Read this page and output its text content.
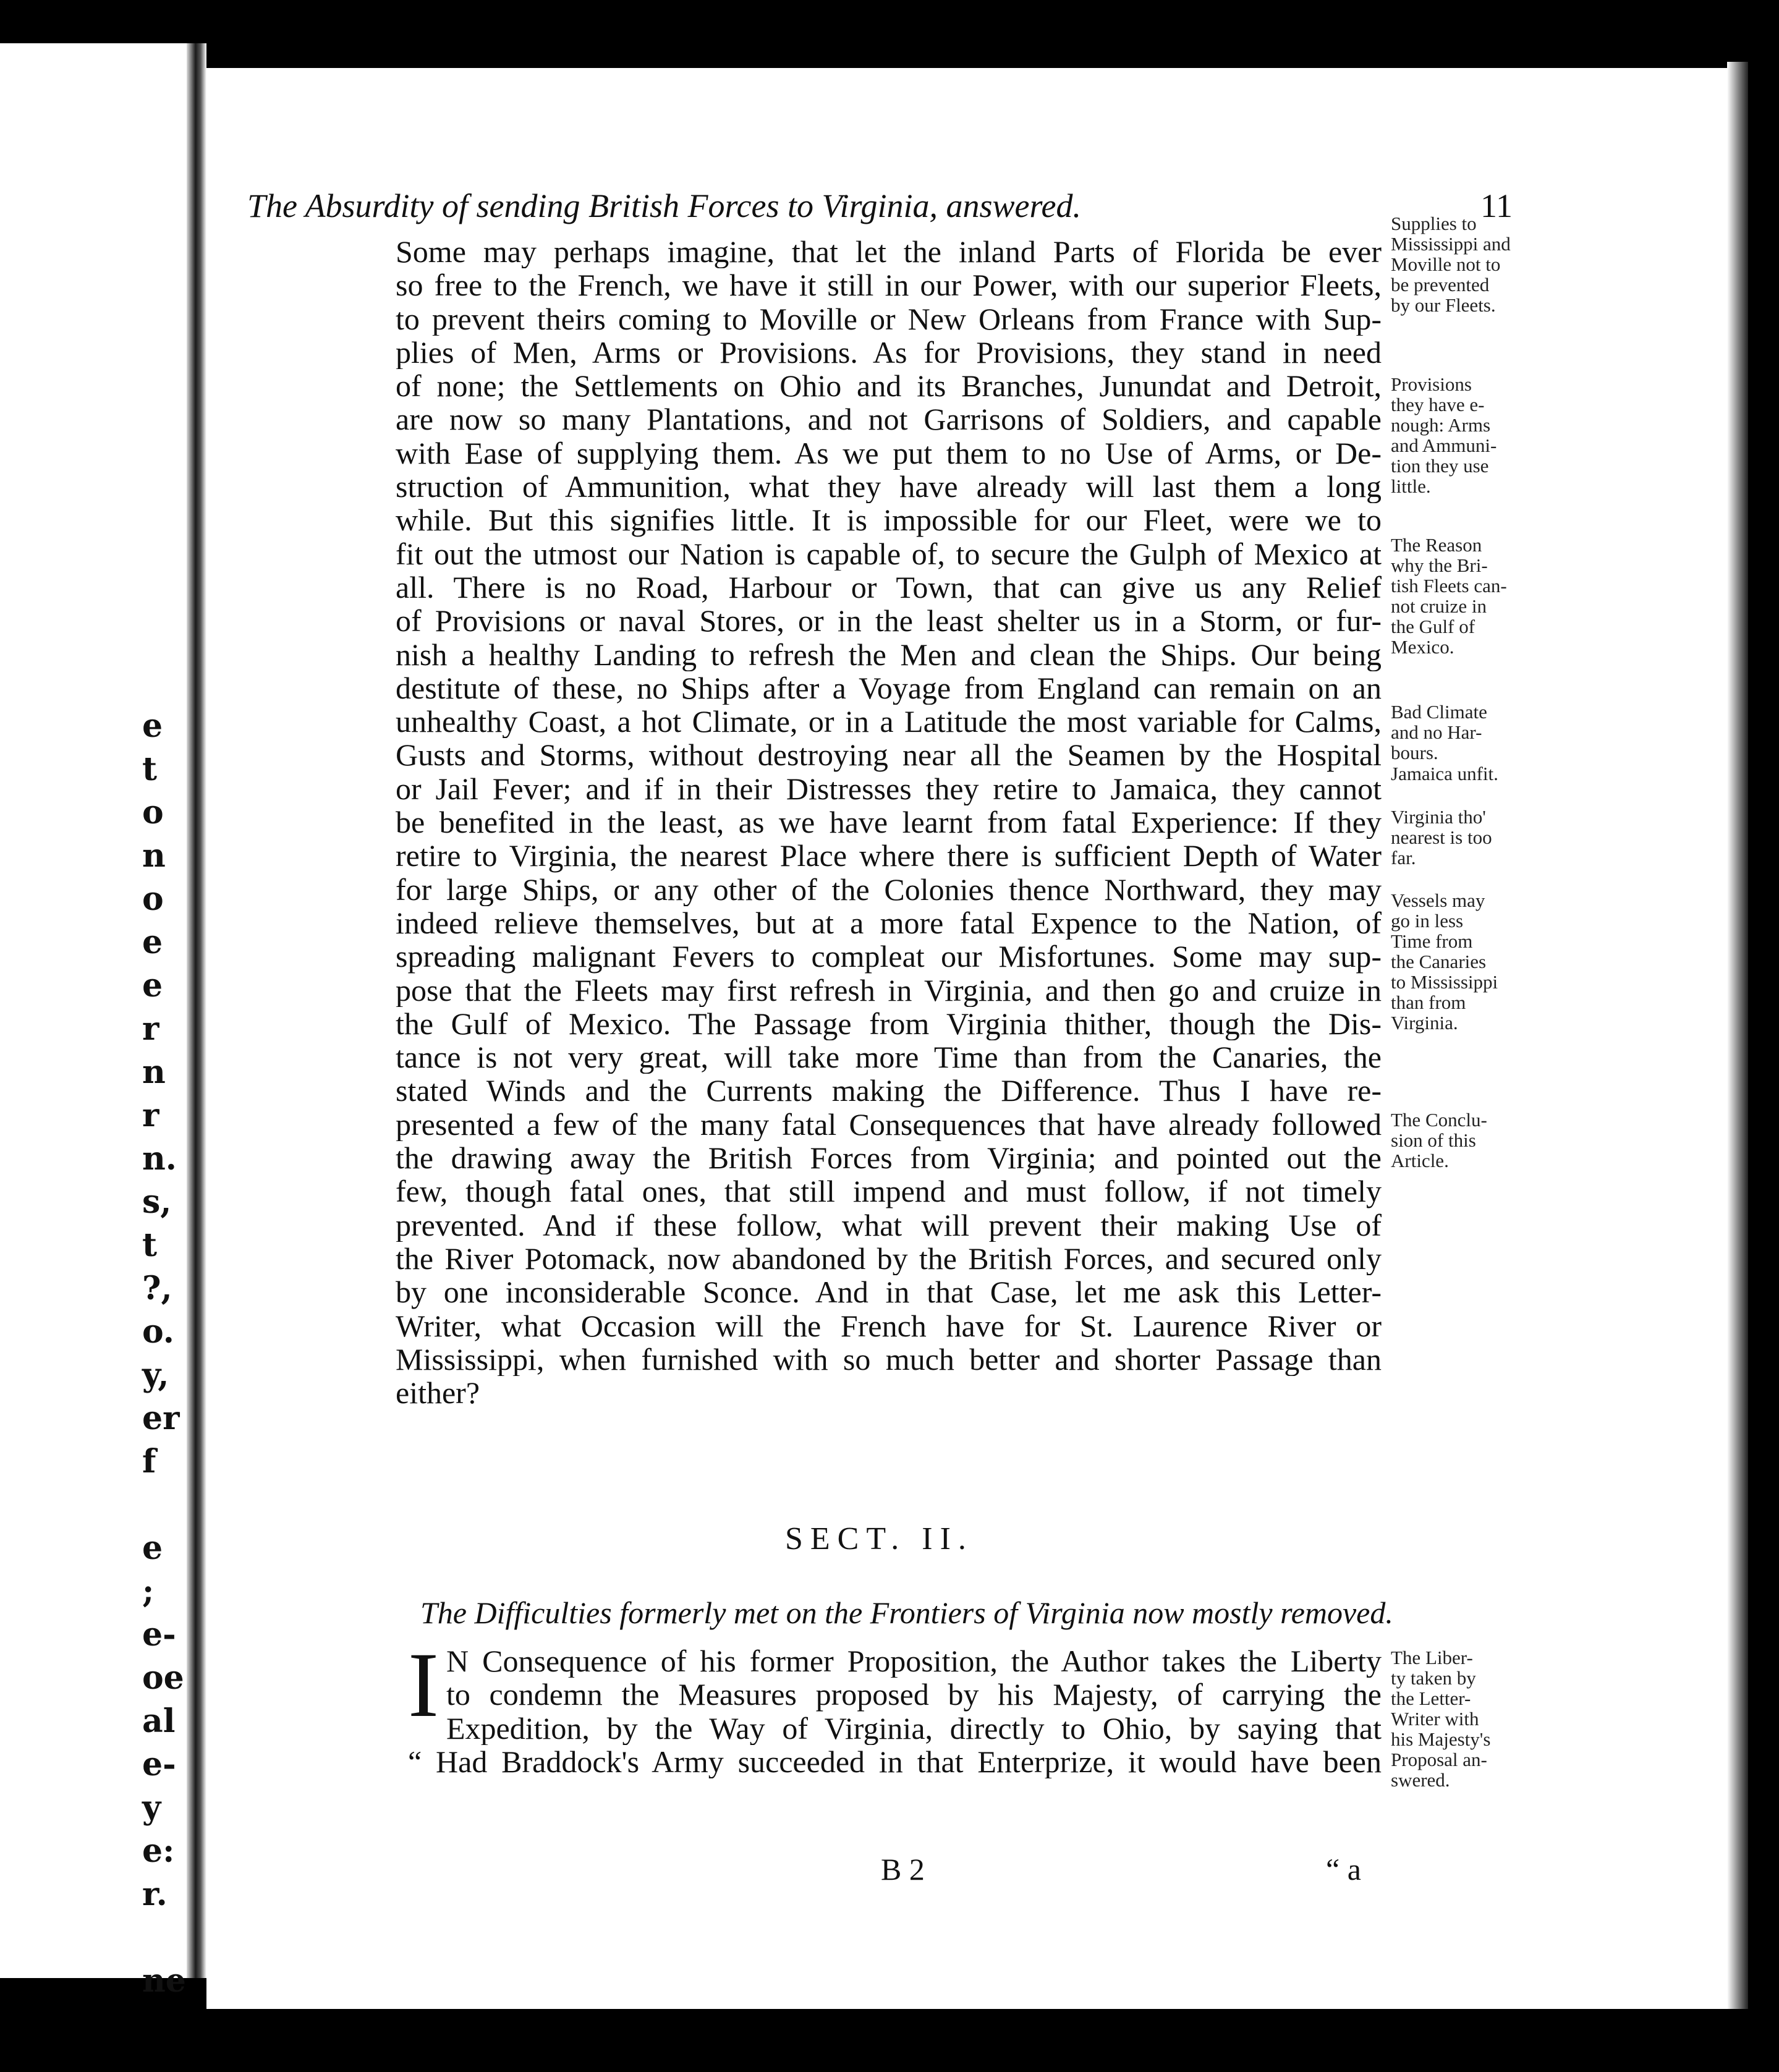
e
t
o
n
o
e
e
r
n
r
n.
s,
t
?,
o.
y,
er
f
e
;
e-
oe
al
e-
y
e:
r.
ne
The Absurdity of sending British Forces to Virginia, answered.	11
Some may perhaps imagine, that let the inland Parts of Florida be ever
so free to the French, we have it still in our Power, with our superior Fleets,
to prevent theirs coming to Moville or New Orleans from France with Sup-
plies of Men, Arms or Provisions. As for Provisions, they stand in need
of none; the Settlements on Ohio and its Branches, Junundat and Detroit,
are now so many Plantations, and not Garrisons of Soldiers, and capable
with Ease of supplying them. As we put them to no Use of Arms, or De-
struction of Ammunition, what they have already will last them a long
while. But this signifies little. It is impossible for our Fleet, were we to
fit out the utmost our Nation is capable of, to secure the Gulph of Mexico at
all. There is no Road, Harbour or Town, that can give us any Relief
of Provisions or naval Stores, or in the least shelter us in a Storm, or fur-
nish a healthy Landing to refresh the Men and clean the Ships. Our being
destitute of these, no Ships after a Voyage from England can remain on an
unhealthy Coast, a hot Climate, or in a Latitude the most variable for Calms,
Gusts and Storms, without destroying near all the Seamen by the Hospital
or Jail Fever; and if in their Distresses they retire to Jamaica, they cannot
be benefited in the least, as we have learnt from fatal Experience: If they
retire to Virginia, the nearest Place where there is sufficient Depth of Water
for large Ships, or any other of the Colonies thence Northward, they may
indeed relieve themselves, but at a more fatal Expence to the Nation, of
spreading malignant Fevers to compleat our Misfortunes. Some may sup-
pose that the Fleets may first refresh in Virginia, and then go and cruize in
the Gulf of Mexico. The Passage from Virginia thither, though the Dis-
tance is not very great, will take more Time than from the Canaries, the
stated Winds and the Currents making the Difference. Thus I have re-
presented a few of the many fatal Consequences that have already followed
the drawing away the British Forces from Virginia; and pointed out the
few, though fatal ones, that still impend and must follow, if not timely
prevented. And if these follow, what will prevent their making Use of
the River Potomack, now abandoned by the British Forces, and secured only
by one inconsiderable Sconce. And in that Case, let me ask this Letter-
Writer, what Occasion will the French have for St. Laurence River or
Mississippi, when furnished with so much better and shorter Passage than
either?
Supplies to
Mississippi and
Moville not to
be prevented
by our Fleets.
Provisions
they have e-
nough: Arms
and Ammuni-
tion they use
little.
The Reason
why the Bri-
tish Fleets can-
not cruize in
the Gulf of
Mexico.
Bad Climate
and no Har-
bours.
Jamaica unfit.
Virginia tho'
nearest is too
far.
Vessels may
go in less
Time from
the Canaries
to Mississippi
than from
Virginia.
The Conclu-
sion of this
Article.
The Liber-
ty taken by
the Letter-
Writer with
his Majesty's
Proposal an-
swered.
SECT. II.
The Difficulties formerly met on the Frontiers of Virginia now mostly removed.
I N Consequence of his former Proposition, the Author takes the Liberty
to condemn the Measures proposed by his Majesty, of carrying the
Expedition, by the Way of Virginia, directly to Ohio, by saying that
“ Had Braddock's Army succeeded in that Enterprize, it would have been
B 2	“ a
